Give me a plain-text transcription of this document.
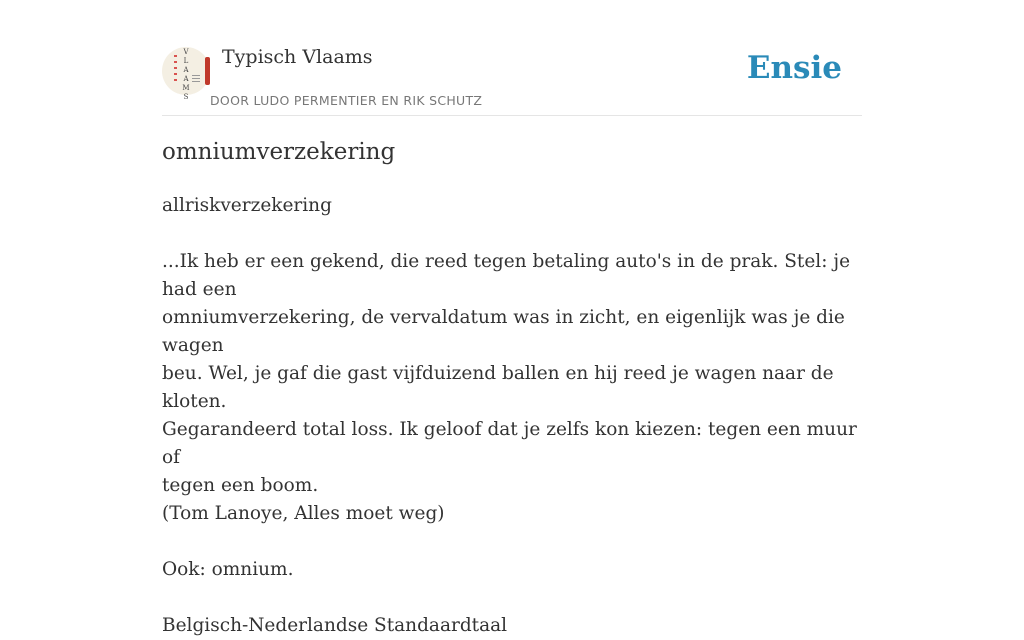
V
L
A
A
M
S
Typisch Vlaams
DOOR LUDO PERMENTIER EN RIK SCHUTZ
Ensie
omniumverzekering

allriskverzekering

...Ik heb er een gekend, die reed tegen betaling auto's in de prak. Stel: je had een
omniumverzekering, de vervaldatum was in zicht, en eigenlijk was je die wagen
beu. Wel, je gaf die gast vijfduizend ballen en hij reed je wagen naar de kloten.
Gegarandeerd total loss. Ik geloof dat je zelfs kon kiezen: tegen een muur of
tegen een boom.

(Tom Lanoye, Alles moet weg)

Ook: omnium.

Belgisch-Nederlandse Standaardtaal
